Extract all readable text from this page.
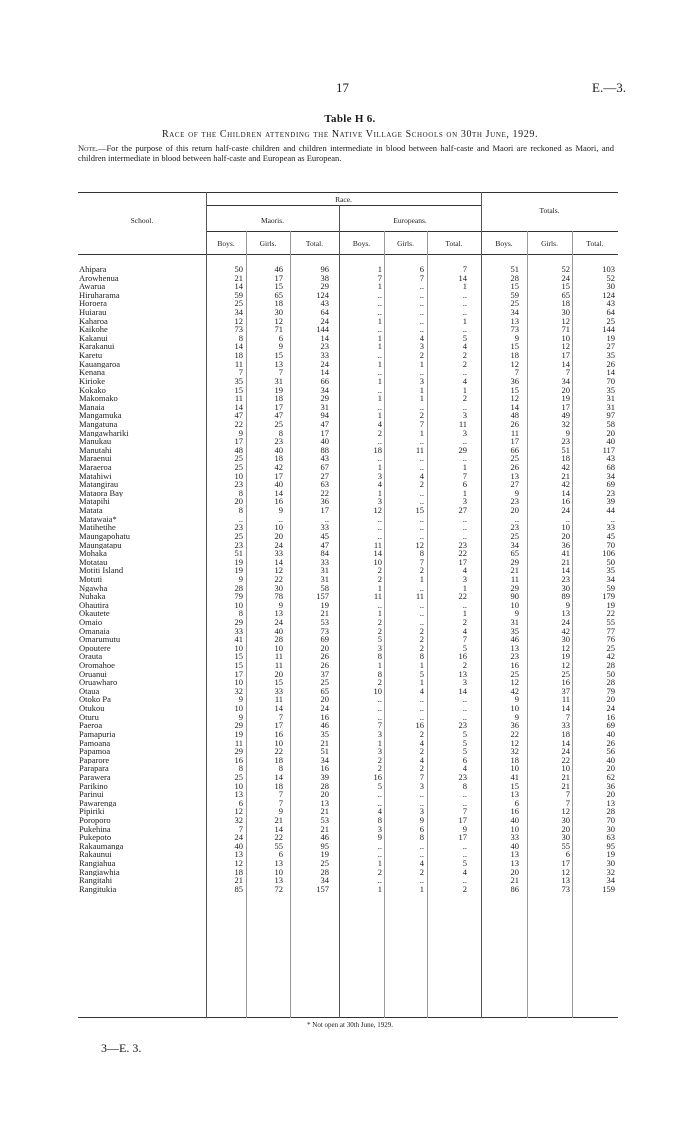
17	E.—3.
Table H 6.
Race of the Children attending the Native Village Schools on 30th June, 1929.
Note.—For the purpose of this return half-caste children and children intermediate in blood between half-caste and Maori are reckoned as Maori, and children intermediate in blood between half-caste and European as European.
School.
Race.
Maoris.	Europeans.
Totals.
Boys.	Girls.	Total.	Boys.	Girls.	Total.	Boys.	Girls.	Total.
Ahipara	50	46	96	1	6	7	51	52	103
Arowhenua	21	17	38	7	7	14	28	24	52
Awarua	14	15	29	1	..	1	15	15	30
Hiruharama	59	65	124	..	..	..	59	65	124
Horoera	25	18	43	..	..	..	25	18	43
Huiarau	34	30	64	..	..	..	34	30	64
Kaharoa	12	12	24	1	..	1	13	12	25
Kaikohe	73	71	144	..	..	..	73	71	144
Kakanui	8	6	14	1	4	5	9	10	19
Karakanui	14	9	23	1	3	4	15	12	27
Karetu	18	15	33	..	2	2	18	17	35
Kauangaroa	11	13	24	1	1	2	12	14	26
Kenana	7	7	14	..	..	..	7	7	14
Kirioke	35	31	66	1	3	4	36	34	70
Kokako	15	19	34	..	1	1	15	20	35
Makomako	11	18	29	1	1	2	12	19	31
Manaia	14	17	31	..	..	..	14	17	31
Mangamuka	47	47	94	1	2	3	48	49	97
Mangatuna	22	25	47	4	7	11	26	32	58
Mangawhariki	9	8	17	2	1	3	11	9	20
Manukau	17	23	40	..	..	..	17	23	40
Manutahi	48	40	88	18	11	29	66	51	117
Maraenui	25	18	43	..	..	..	25	18	43
Maraeroa	25	42	67	1	..	1	26	42	68
Matahiwi	10	17	27	3	4	7	13	21	34
Matangirau	23	40	63	4	2	6	27	42	69
Mataora Bay	8	14	22	1	..	1	9	14	23
Matapihi	20	16	36	3	..	3	23	16	39
Matata	8	9	17	12	15	27	20	24	44
Matawaia*	..	..	..	..	..	..	..	..	..
Matihetihe	23	10	33	..	..	..	23	10	33
Maungapohatu	25	20	45	..	..	..	25	20	45
Maungatapu	23	24	47	11	12	23	34	36	70
Mohaka	51	33	84	14	8	22	65	41	106
Motatau	19	14	33	10	7	17	29	21	50
Motiti Island	19	12	31	2	2	4	21	14	35
Motuti	9	22	31	2	1	3	11	23	34
Ngawha	28	30	58	1	..	1	29	30	59
Nuhaka	79	78	157	11	11	22	90	89	179
Ohautira	10	9	19	..	..	..	10	9	19
Okautete	8	13	21	1	..	1	9	13	22
Omaio	29	24	53	2	..	2	31	24	55
Omanaia	33	40	73	2	2	4	35	42	77
Omarumutu	41	28	69	5	2	7	46	30	76
Opoutere	10	10	20	3	2	5	13	12	25
Orauta	15	11	26	8	8	16	23	19	42
Oromahoe	15	11	26	1	1	2	16	12	28
Oruanui	17	20	37	8	5	13	25	25	50
Oruawharo	10	15	25	2	1	3	12	16	28
Otaua	32	33	65	10	4	14	42	37	79
Otoko Pa	9	11	20	..	..	..	9	11	20
Otukou	10	14	24	..	..	..	10	14	24
Oturu	9	7	16	..	..	..	9	7	16
Paeroa	29	17	46	7	16	23	36	33	69
Pamapuria	19	16	35	3	2	5	22	18	40
Pamoana	11	10	21	1	4	5	12	14	26
Papamoa	29	22	51	3	2	5	32	24	56
Paparore	16	18	34	2	4	6	18	22	40
Parapara	8	8	16	2	2	4	10	10	20
Parawera	25	14	39	16	7	23	41	21	62
Parikino	10	18	28	5	3	8	15	21	36
Parinui	13	7	20	..	..	..	13	7	20
Pawarenga	6	7	13	..	..	..	6	7	13
Pipiriki	12	9	21	4	3	7	16	12	28
Poroporo	32	21	53	8	9	17	40	30	70
Pukehina	7	14	21	3	6	9	10	20	30
Pukepoto	24	22	46	9	8	17	33	30	63
Rakaumanga	40	55	95	..	..	..	40	55	95
Rakaunui	13	6	19	..	..	..	13	6	19
Rangiahua	12	13	25	1	4	5	13	17	30
Rangiawhia	18	10	28	2	2	4	20	12	32
Rangitahi	21	13	34	..	..	..	21	13	34
Rangitukia	85	72	157	1	1	2	86	73	159
* Not open at 30th June, 1929.
3—E. 3.
